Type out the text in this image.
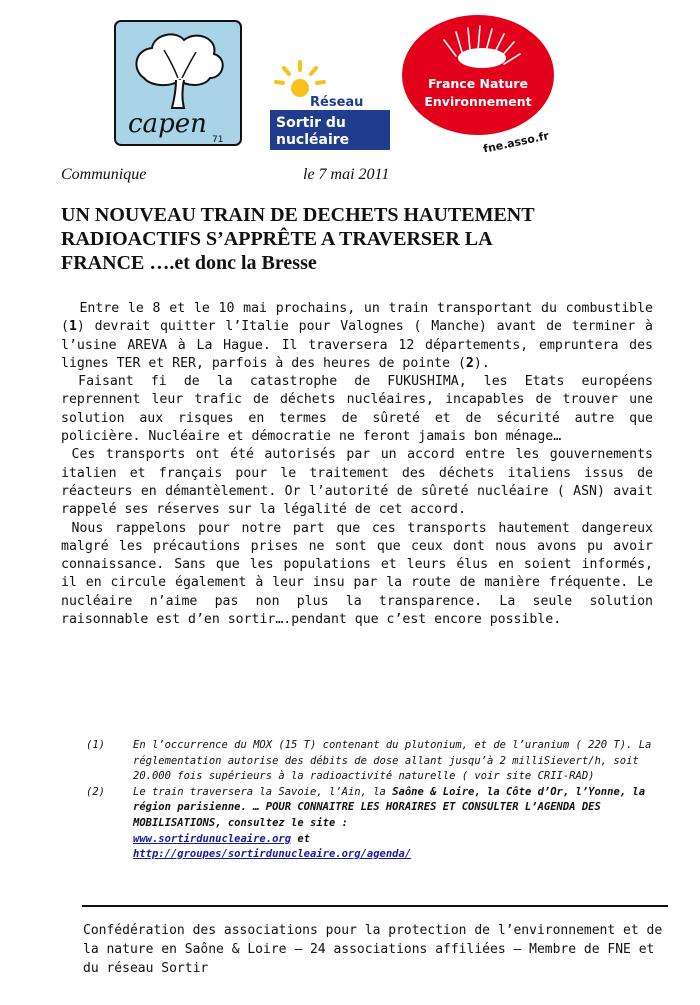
capen
71
Réseau
Sortir du
nucléaire
France Nature
Environnement
fne.asso.fr
Communique	le 7 mai 2011
UN NOUVEAU TRAIN DE DECHETS HAUTEMENT
RADIOACTIFS S’APPRÊTE A TRAVERSER LA
FRANCE ….et donc la Bresse

Entre le 8 et le 10 mai prochains, un train transportant du combustible (1) devrait quitter l’Italie pour Valognes ( Manche) avant de terminer à l’usine AREVA à La Hague. Il traversera 12 départements, empruntera des lignes TER et RER, parfois à des heures de pointe (2).

Faisant fi de la catastrophe de FUKUSHIMA, les Etats européens reprennent leur trafic de déchets nucléaires, incapables de trouver une solution aux risques en termes de sûreté et de sécurité autre que policière. Nucléaire et démocratie ne feront jamais bon ménage…

Ces transports ont été autorisés par un accord entre les gouvernements italien et français pour le traitement des déchets italiens issus de réacteurs en démantèlement. Or l’autorité de sûreté nucléaire ( ASN) avait rappelé ses réserves sur la légalité de cet accord.

Nous rappelons pour notre part que ces transports hautement dangereux malgré les précautions prises ne sont que ceux dont nous avons pu avoir connaissance. Sans que les populations et leurs élus en soient informés, il en circule également à leur insu par la route de manière fréquente. Le nucléaire n’aime pas non plus la transparence. La seule solution raisonnable est d’en sortir….pendant que c’est encore possible.

(1)	En l’occurrence du MOX (15 T) contenant du plutonium, et de l’uranium ( 220 T). La réglementation autorise des débits de dose allant jusqu’à 2 milliSievert/h, soit 20.000 fois supérieurs à la radioactivité naturelle ( voir site CRII-RAD)
(2)	Le train traversera la Savoie, l’Ain, la Saône & Loire, la Côte d’Or, l’Yonne, la région parisienne. … POUR CONNAITRE LES HORAIRES ET CONSULTER L’AGENDA DES MOBILISATIONS, consultez le site :
www.sortirdunucleaire.org et
http://groupes/sortirdunucleaire.org/agenda/
Confédération des associations pour la protection de l’environnement et de la nature en Saône & Loire – 24 associations affiliées – Membre de FNE et du réseau Sortir
